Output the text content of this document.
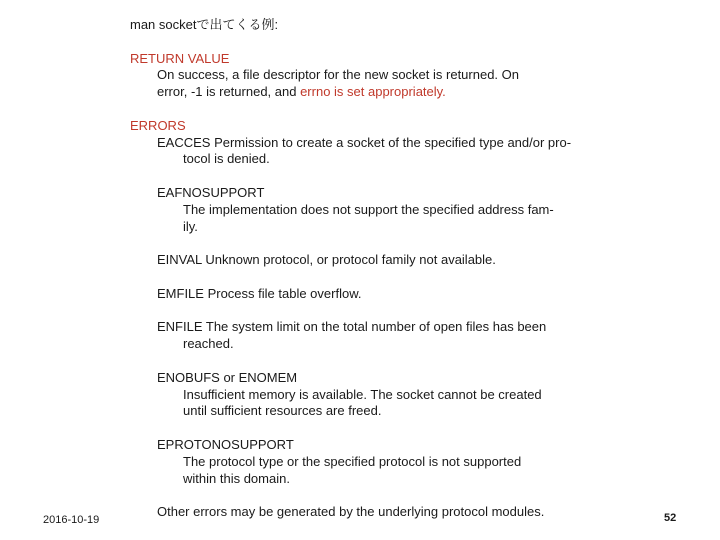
man socketで出てくる例:
RETURN VALUE
On success, a file descriptor for the new socket is returned. On
error, -1 is returned, and errno is set appropriately.
ERRORS
EACCES Permission to create a socket of the specified type and/or pro-
tocol is denied.
EAFNOSUPPORT
The implementation does not support the specified address fam-
ily.
EINVAL Unknown protocol, or protocol family not available.
EMFILE Process file table overflow.
ENFILE The system limit on the total number of open files has been
reached.
ENOBUFS or ENOMEM
Insufficient memory is available. The socket cannot be created
until sufficient resources are freed.
EPROTONOSUPPORT
The protocol type or the specified protocol is not supported
within this domain.
Other errors may be generated by the underlying protocol modules.
2016-10-19	52
